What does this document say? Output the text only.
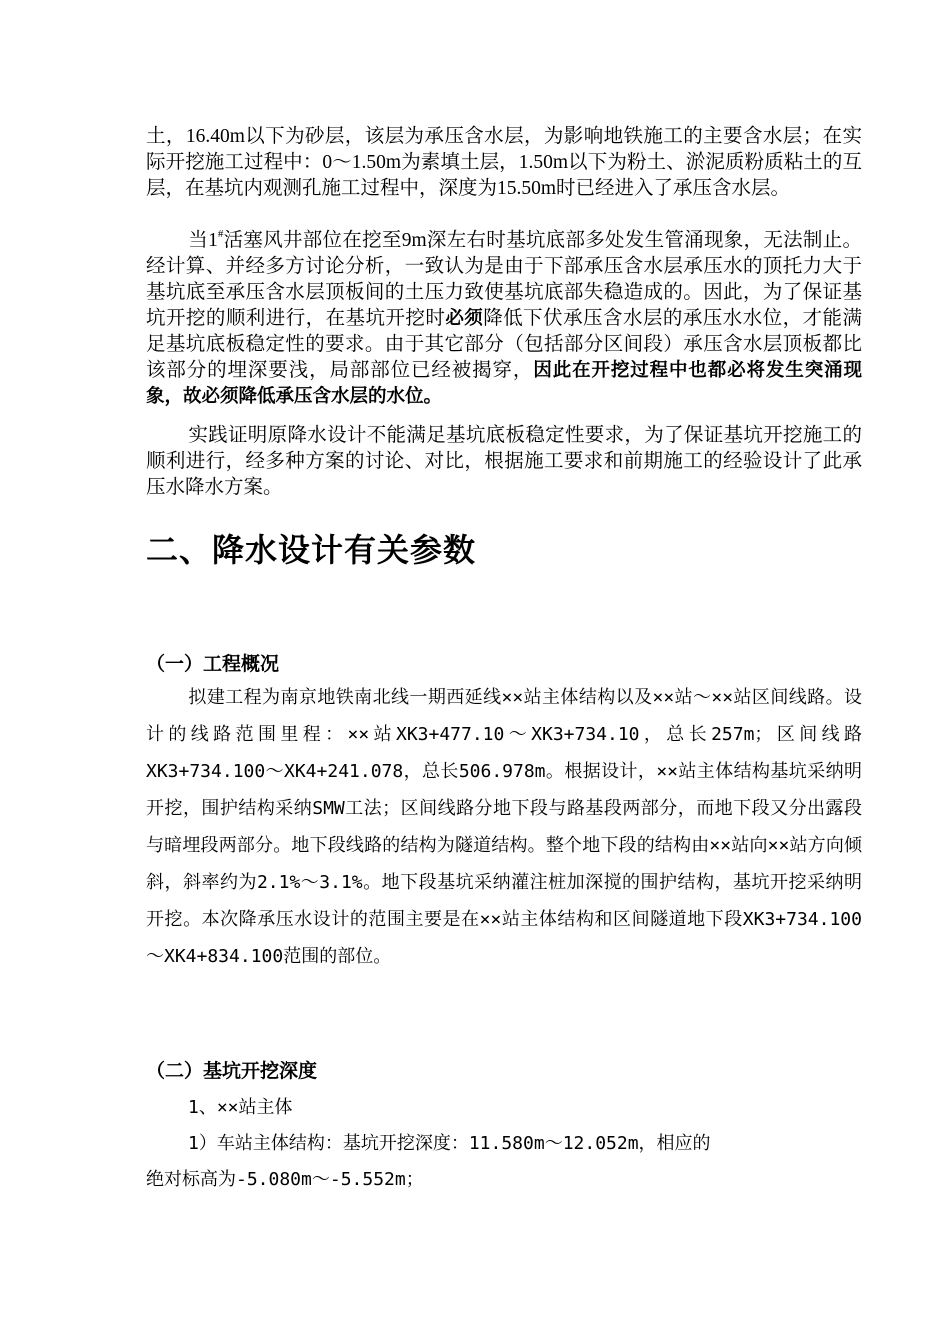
土，16.40m以下为砂层，该层为承压含水层，为影响地铁施工的主要含水层；在实际开挖施工过程中：0～1.50m为素填土层，1.50m以下为粉土、淤泥质粉质粘土的互层，在基坑内观测孔施工过程中，深度为15.50m时已经进入了承压含水层。
当1#活塞风井部位在挖至9m深左右时基坑底部多处发生管涌现象，无法制止。经计算、并经多方讨论分析，一致认为是由于下部承压含水层承压水的顶托力大于基坑底至承压含水层顶板间的土压力致使基坑底部失稳造成的。因此，为了保证基坑开挖的顺利进行，在基坑开挖时必须降低下伏承压含水层的承压水水位，才能满足基坑底板稳定性的要求。由于其它部分（包括部分区间段）承压含水层顶板都比该部分的埋深要浅，局部部位已经被揭穿，因此在开挖过程中也都必将发生突涌现象，故必须降低承压含水层的水位。
实践证明原降水设计不能满足基坑底板稳定性要求，为了保证基坑开挖施工的顺利进行，经多种方案的讨论、对比，根据施工要求和前期施工的经验设计了此承压水降水方案。
二、降水设计有关参数
（一）工程概况
拟建工程为南京地铁南北线一期西延线××站主体结构以及××站～××站区间线路。设计的线路范围里程：××站XK3+477.10～XK3+734.10，总长257m；区间线路XK3+734.100～XK4+241.078，总长506.978m。根据设计，××站主体结构基坑采纳明开挖，围护结构采纳SMW工法；区间线路分地下段与路基段两部分，而地下段又分出露段与暗埋段两部分。地下段线路的结构为隧道结构。整个地下段的结构由××站向××站方向倾斜，斜率约为2.1%～3.1%。地下段基坑采纳灌注桩加深搅的围护结构，基坑开挖采纳明开挖。本次降承压水设计的范围主要是在××站主体结构和区间隧道地下段XK3+734.100～XK4+834.100范围的部位。
（二）基坑开挖深度
1、××站主体
1）车站主体结构：基坑开挖深度：11.580m～12.052m，相应的
绝对标高为-5.080m～-5.552m；
